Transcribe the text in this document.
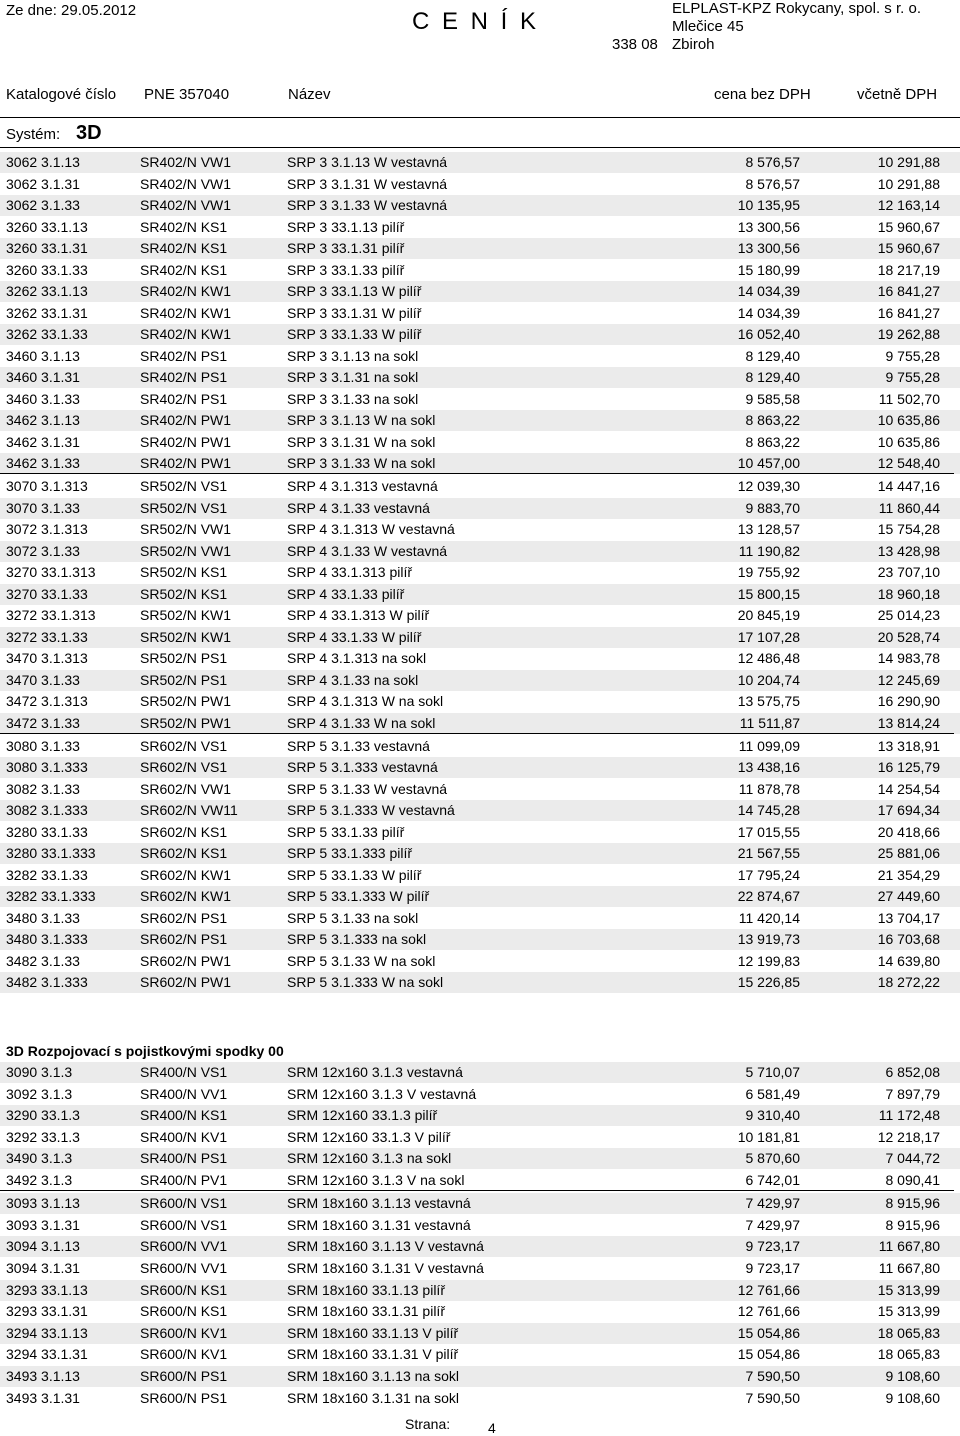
Ze dne: 29.05.2012	C E N Í K	ELPLAST-KPZ Rokycany, spol. s r. o.
Mlečice 45
338 08 Zbiroh
Katalogové číslo PNE 357040	Název	cena bez DPH	včetně DPH
Systém: 3D
3062 3.1.13	SR402/N VW1	SRP 3 3.1.13 W vestavná	8 576,57	10 291,88
3062 3.1.31	SR402/N VW1	SRP 3 3.1.31 W vestavná	8 576,57	10 291,88
3062 3.1.33	SR402/N VW1	SRP 3 3.1.33 W vestavná	10 135,95	12 163,14
3260 33.1.13	SR402/N KS1	SRP 3 33.1.13 pilíř	13 300,56	15 960,67
3260 33.1.31	SR402/N KS1	SRP 3 33.1.31 pilíř	13 300,56	15 960,67
3260 33.1.33	SR402/N KS1	SRP 3 33.1.33 pilíř	15 180,99	18 217,19
3262 33.1.13	SR402/N KW1	SRP 3 33.1.13 W pilíř	14 034,39	16 841,27
3262 33.1.31	SR402/N KW1	SRP 3 33.1.31 W pilíř	14 034,39	16 841,27
3262 33.1.33	SR402/N KW1	SRP 3 33.1.33 W pilíř	16 052,40	19 262,88
3460 3.1.13	SR402/N PS1	SRP 3 3.1.13 na sokl	8 129,40	9 755,28
3460 3.1.31	SR402/N PS1	SRP 3 3.1.31 na sokl	8 129,40	9 755,28
3460 3.1.33	SR402/N PS1	SRP 3 3.1.33 na sokl	9 585,58	11 502,70
3462 3.1.13	SR402/N PW1	SRP 3 3.1.13 W na sokl	8 863,22	10 635,86
3462 3.1.31	SR402/N PW1	SRP 3 3.1.31 W na sokl	8 863,22	10 635,86
3462 3.1.33	SR402/N PW1	SRP 3 3.1.33 W na sokl	10 457,00	12 548,40
3070 3.1.313	SR502/N VS1	SRP 4 3.1.313 vestavná	12 039,30	14 447,16
3070 3.1.33	SR502/N VS1	SRP 4 3.1.33 vestavná	9 883,70	11 860,44
3072 3.1.313	SR502/N VW1	SRP 4 3.1.313 W vestavná	13 128,57	15 754,28
3072 3.1.33	SR502/N VW1	SRP 4 3.1.33 W vestavná	11 190,82	13 428,98
3270 33.1.313	SR502/N KS1	SRP 4 33.1.313 pilíř	19 755,92	23 707,10
3270 33.1.33	SR502/N KS1	SRP 4 33.1.33 pilíř	15 800,15	18 960,18
3272 33.1.313	SR502/N KW1	SRP 4 33.1.313 W pilíř	20 845,19	25 014,23
3272 33.1.33	SR502/N KW1	SRP 4 33.1.33 W pilíř	17 107,28	20 528,74
3470 3.1.313	SR502/N PS1	SRP 4 3.1.313 na sokl	12 486,48	14 983,78
3470 3.1.33	SR502/N PS1	SRP 4 3.1.33 na sokl	10 204,74	12 245,69
3472 3.1.313	SR502/N PW1	SRP 4 3.1.313 W na sokl	13 575,75	16 290,90
3472 3.1.33	SR502/N PW1	SRP 4 3.1.33 W na sokl	11 511,87	13 814,24
3080 3.1.33	SR602/N VS1	SRP 5 3.1.33 vestavná	11 099,09	13 318,91
3080 3.1.333	SR602/N VS1	SRP 5 3.1.333 vestavná	13 438,16	16 125,79
3082 3.1.33	SR602/N VW1	SRP 5 3.1.33 W vestavná	11 878,78	14 254,54
3082 3.1.333	SR602/N VW11	SRP 5 3.1.333 W vestavná	14 745,28	17 694,34
3280 33.1.33	SR602/N KS1	SRP 5 33.1.33 pilíř	17 015,55	20 418,66
3280 33.1.333	SR602/N KS1	SRP 5 33.1.333 pilíř	21 567,55	25 881,06
3282 33.1.33	SR602/N KW1	SRP 5 33.1.33 W pilíř	17 795,24	21 354,29
3282 33.1.333	SR602/N KW1	SRP 5 33.1.333 W pilíř	22 874,67	27 449,60
3480 3.1.33	SR602/N PS1	SRP 5 3.1.33 na sokl	11 420,14	13 704,17
3480 3.1.333	SR602/N PS1	SRP 5 3.1.333 na sokl	13 919,73	16 703,68
3482 3.1.33	SR602/N PW1	SRP 5 3.1.33 W na sokl	12 199,83	14 639,80
3482 3.1.333	SR602/N PW1	SRP 5 3.1.333 W na sokl	15 226,85	18 272,22
3D Rozpojovací s pojistkovými spodky 00
3090 3.1.3	SR400/N VS1	SRM 12x160 3.1.3 vestavná	5 710,07	6 852,08
3092 3.1.3	SR400/N VV1	SRM 12x160 3.1.3 V vestavná	6 581,49	7 897,79
3290 33.1.3	SR400/N KS1	SRM 12x160 33.1.3 pilíř	9 310,40	11 172,48
3292 33.1.3	SR400/N KV1	SRM 12x160 33.1.3 V pilíř	10 181,81	12 218,17
3490 3.1.3	SR400/N PS1	SRM 12x160 3.1.3 na sokl	5 870,60	7 044,72
3492 3.1.3	SR400/N PV1	SRM 12x160 3.1.3 V na sokl	6 742,01	8 090,41
3093 3.1.13	SR600/N VS1	SRM 18x160 3.1.13 vestavná	7 429,97	8 915,96
3093 3.1.31	SR600/N VS1	SRM 18x160 3.1.31 vestavná	7 429,97	8 915,96
3094 3.1.13	SR600/N VV1	SRM 18x160 3.1.13 V vestavná	9 723,17	11 667,80
3094 3.1.31	SR600/N VV1	SRM 18x160 3.1.31 V vestavná	9 723,17	11 667,80
3293 33.1.13	SR600/N KS1	SRM 18x160 33.1.13 pilíř	12 761,66	15 313,99
3293 33.1.31	SR600/N KS1	SRM 18x160 33.1.31 pilíř	12 761,66	15 313,99
3294 33.1.13	SR600/N KV1	SRM 18x160 33.1.13 V pilíř	15 054,86	18 065,83
3294 33.1.31	SR600/N KV1	SRM 18x160 33.1.31 V pilíř	15 054,86	18 065,83
3493 3.1.13	SR600/N PS1	SRM 18x160 3.1.13 na sokl	7 590,50	9 108,60
3493 3.1.31	SR600/N PS1	SRM 18x160 3.1.31 na sokl	7 590,50	9 108,60
Strana:	4
